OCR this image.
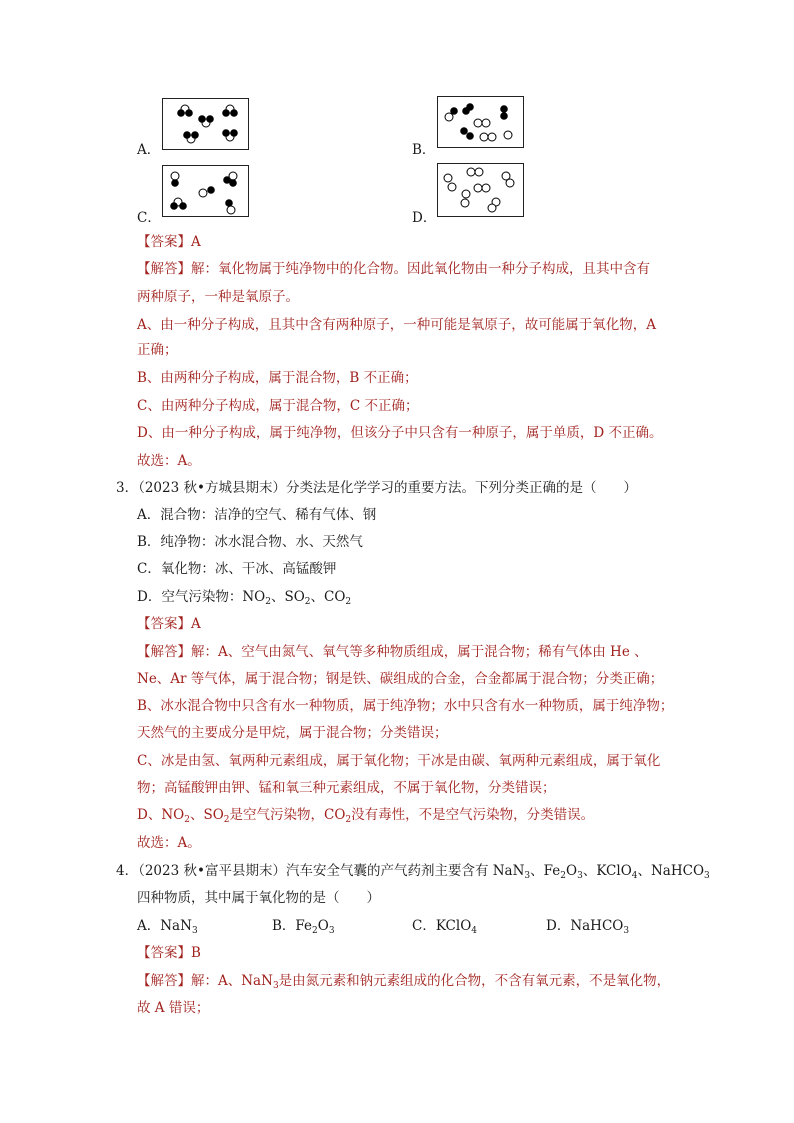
A．	B．
C．	D．
【答案】A
【解答】解：氧化物属于纯净物中的化合物。因此氧化物由一种分子构成，且其中含有
两种原子，一种是氧原子。
A、由一种分子构成，且其中含有两种原子，一种可能是氧原子，故可能属于氧化物，A
正确；
B、由两种分子构成，属于混合物，B 不正确；
C、由两种分子构成，属于混合物，C 不正确；
D、由一种分子构成，属于纯净物，但该分子中只含有一种原子，属于单质，D 不正确。
故选：A。
3．（2023 秋•方城县期末）分类法是化学学习的重要方法。下列分类正确的是（　　）
A．混合物：洁净的空气、稀有气体、钢
B．纯净物：冰水混合物、水、天然气
C．氧化物：冰、干冰、高锰酸钾
D．空气污染物：$NO_2$、$SO_2$、$CO_2$
【答案】A
【解答】解：A、空气由氮气、氧气等多种物质组成，属于混合物；稀有气体由 He 、
Ne、Ar 等气体，属于混合物；钢是铁、碳组成的合金，合金都属于混合物；分类正确；
B、冰水混合物中只含有水一种物质，属于纯净物；水中只含有水一种物质，属于纯净物；
天然气的主要成分是甲烷，属于混合物；分类错误；
C、冰是由氢、氧两种元素组成，属于氧化物；干冰是由碳、氧两种元素组成，属于氧化
物；高锰酸钾由钾、锰和氧三种元素组成，不属于氧化物，分类错误；
D、$NO_2$、$SO_2$是空气污染物，$CO_2$没有毒性，不是空气污染物，分类错误。
故选：A。
4．（2023 秋•富平县期末）汽车安全气囊的产气药剂主要含有 NaN$_3$、$Fe_2O_3$、KClO$_4$、NaHCO$_3$
四种物质，其中属于氧化物的是（　　）
A．NaN$_3$	B．$Fe_2O_3$	C．KClO$_4$	D．NaHCO$_3$
【答案】B
【解答】解：A、NaN$_3$是由氮元素和钠元素组成的化合物，不含有氧元素，不是氧化物，
故 A 错误；
